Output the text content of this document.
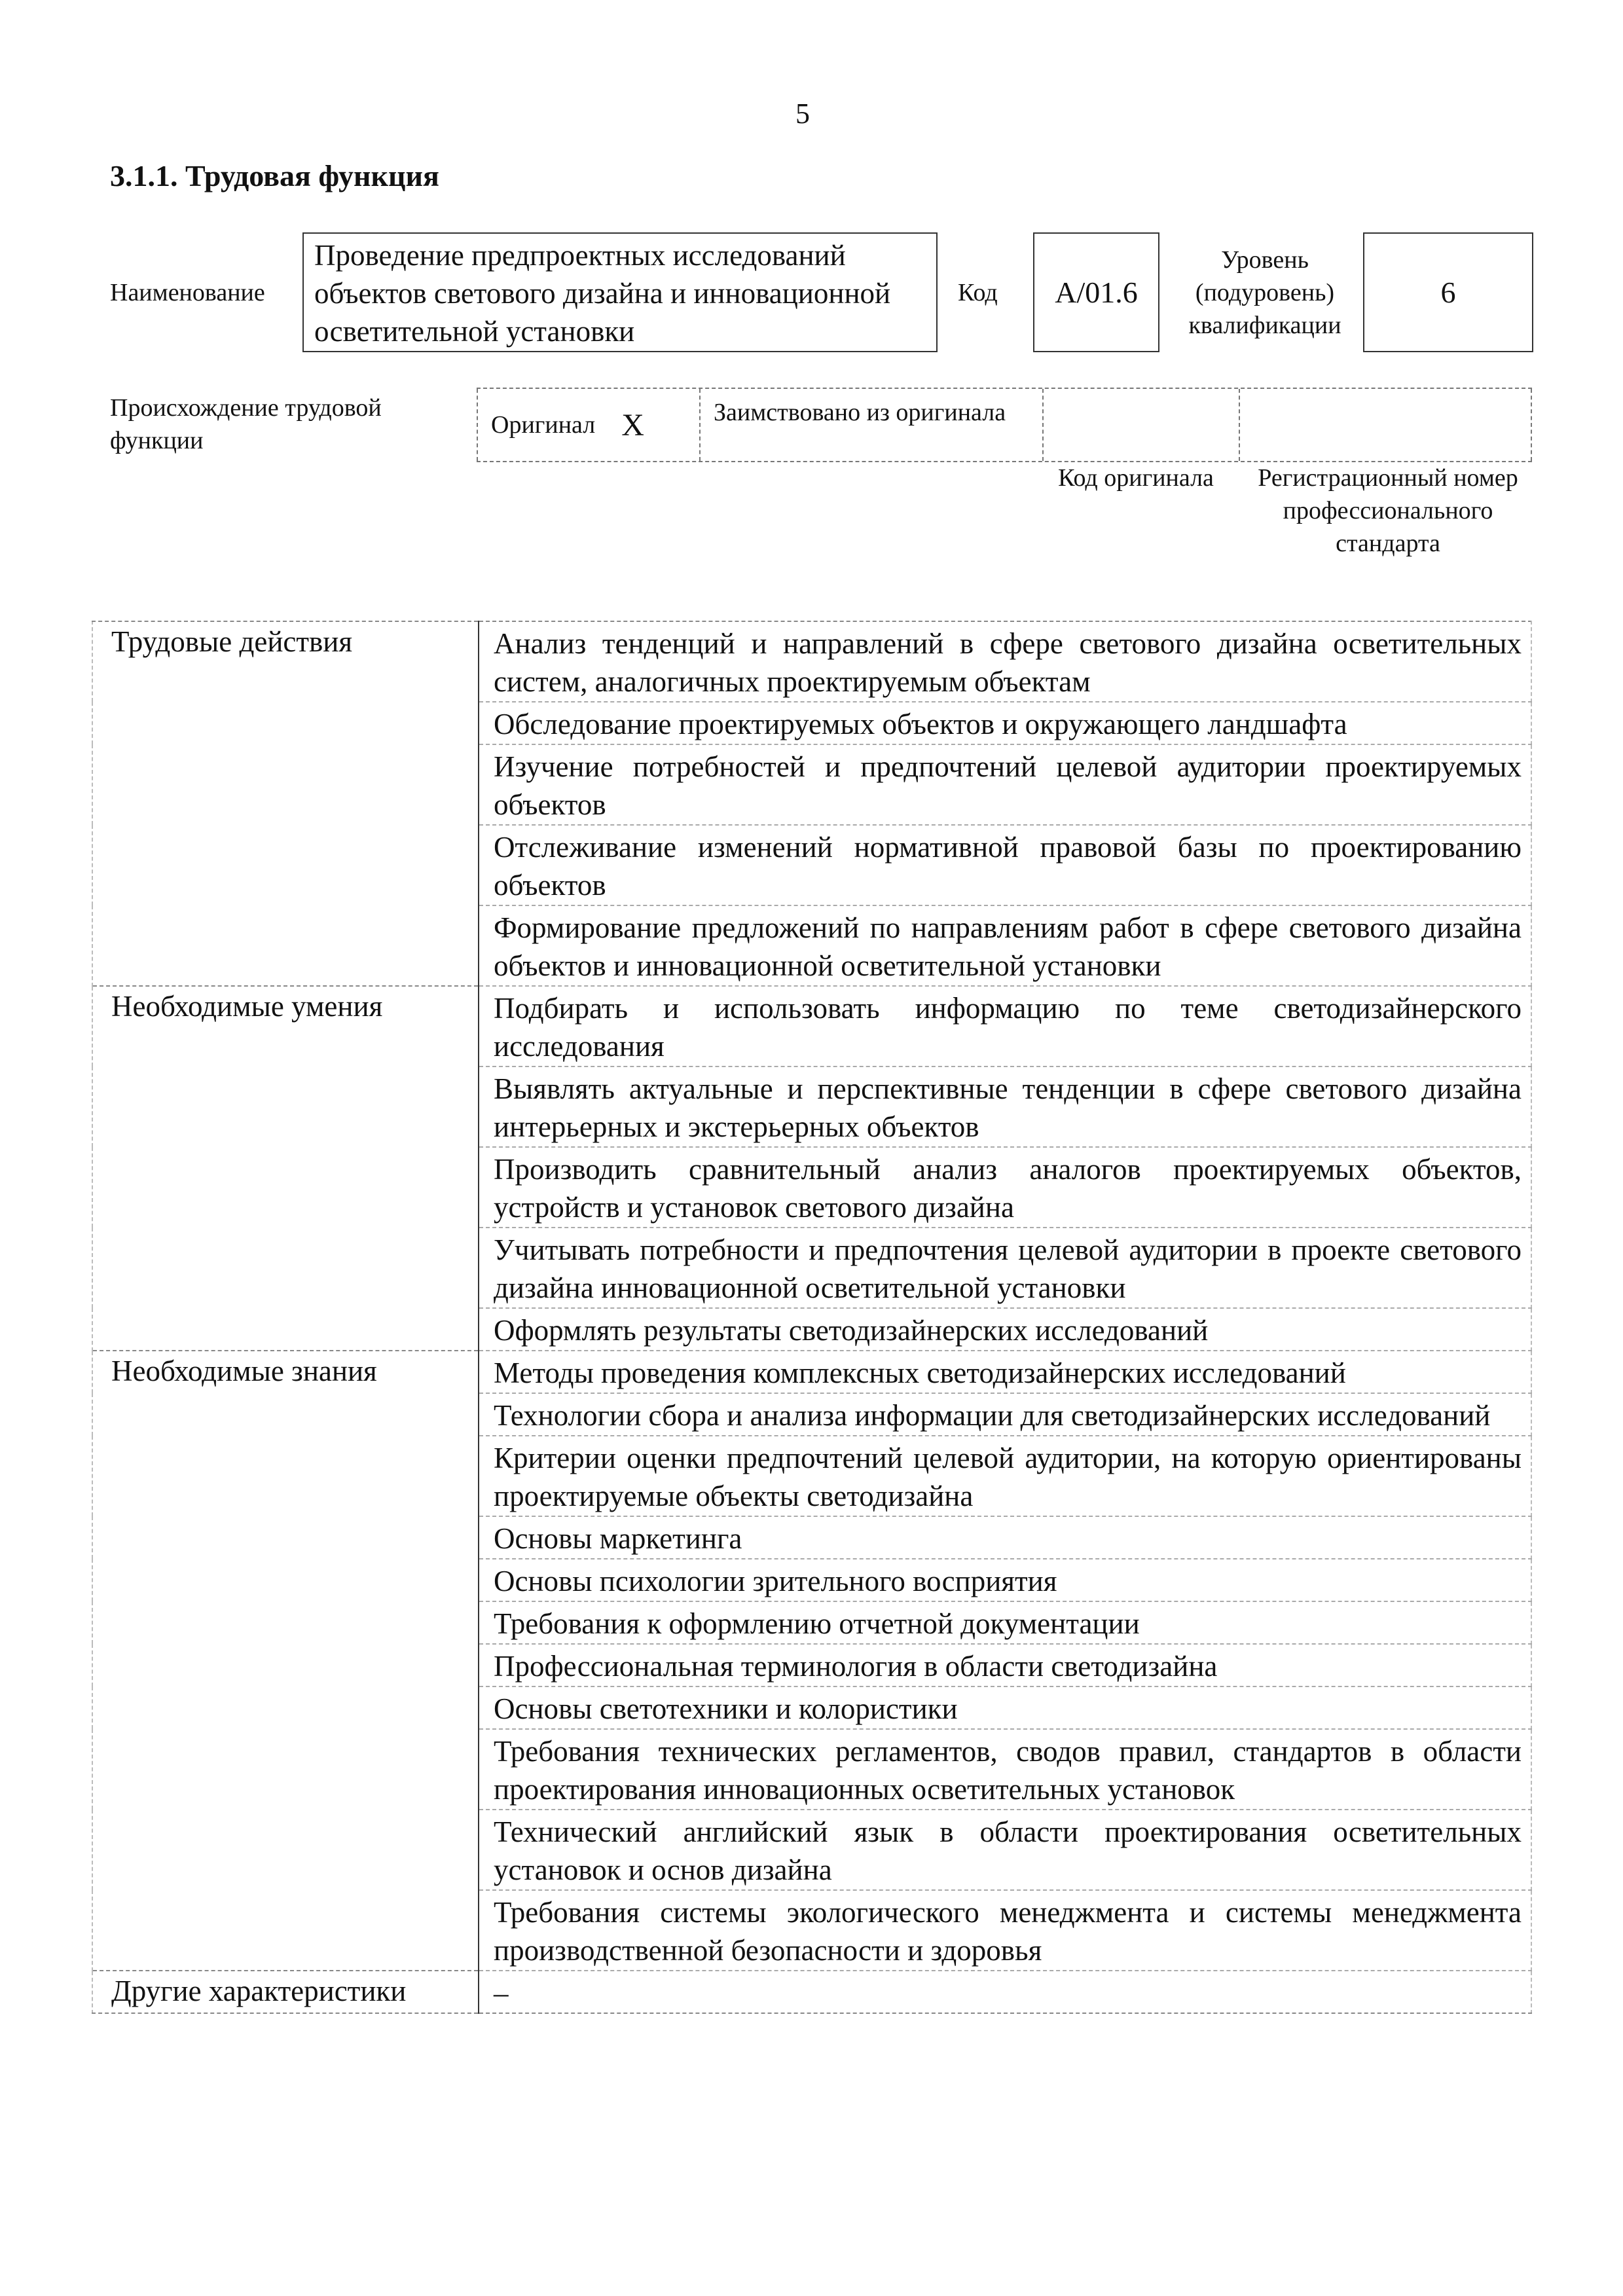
5
3.1.1. Трудовая функция
Наименование
Проведение предпроектных исследований объектов светового дизайна и инновационной осветительной установки
Код A/01.6
Уровень (подуровень) квалификации
6
Происхождение трудовой функции
Оригинал X	Заимствовано из оригинала
Код оригинала	Регистрационный номер профессионального стандарта
Трудовые действия	Анализ тенденций и направлений в сфере светового дизайна осветительных систем, аналогичных проектируемым объектам
	Обследование проектируемых объектов и окружающего ландшафта
	Изучение потребностей и предпочтений целевой аудитории проектируемых объектов
	Отслеживание изменений нормативной правовой базы по проектированию объектов
	Формирование предложений по направлениям работ в сфере светового дизайна объектов и инновационной осветительной установки
Необходимые умения	Подбирать и использовать информацию по теме светодизайнерского исследования
	Выявлять актуальные и перспективные тенденции в сфере светового дизайна интерьерных и экстерьерных объектов
	Производить сравнительный анализ аналогов проектируемых объектов, устройств и установок светового дизайна
	Учитывать потребности и предпочтения целевой аудитории в проекте светового дизайна инновационной осветительной установки
	Оформлять результаты светодизайнерских исследований
Необходимые знания	Методы проведения комплексных светодизайнерских исследований
	Технологии сбора и анализа информации для светодизайнерских исследований
	Критерии оценки предпочтений целевой аудитории, на которую ориентированы проектируемые объекты светодизайна
	Основы маркетинга
	Основы психологии зрительного восприятия
	Требования к оформлению отчетной документации
	Профессиональная терминология в области светодизайна
	Основы светотехники и колористики
	Требования технических регламентов, сводов правил, стандартов в области проектирования инновационных осветительных установок
	Технический английский язык в области проектирования осветительных установок и основ дизайна
	Требования системы экологического менеджмента и системы менеджмента производственной безопасности и здоровья
Другие характеристики	–
